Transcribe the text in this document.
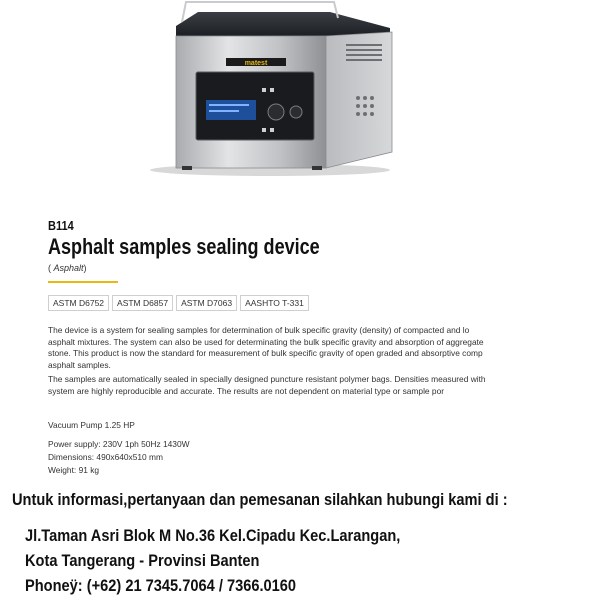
matest
B114
Asphalt samples sealing device
( Asphalt)
ASTM D6752	ASTM D6857	ASTM D7063	AASHTO T-331
The device is a system for sealing samples for determination of bulk specific gravity (density) of compacted and lo
asphalt mixtures. The system can also be used for determinating the bulk specific gravity and absorption of aggregate
stone. This product is now the standard for measurement of bulk specific gravity of open graded and absorptive comp
asphalt samples.
The samples are automatically sealed in specially designed puncture resistant polymer bags. Densities measured with
system are highly reproducible and accurate. The results are not dependent on material type or sample por
Vacuum Pump 1.25 HP
Power supply: 230V 1ph 50Hz 1430W
Dimensions: 490x640x510 mm
Weight: 91 kg
Untuk informasi,pertanyaan dan pemesanan silahkan hubungi kami di :
Jl.Taman Asri Blok M No.36 Kel.Cipadu Kec.Larangan,
Kota Tangerang - Provinsi Banten
Phoneÿ: (+62) 21 7345.7064 / 7366.0160
